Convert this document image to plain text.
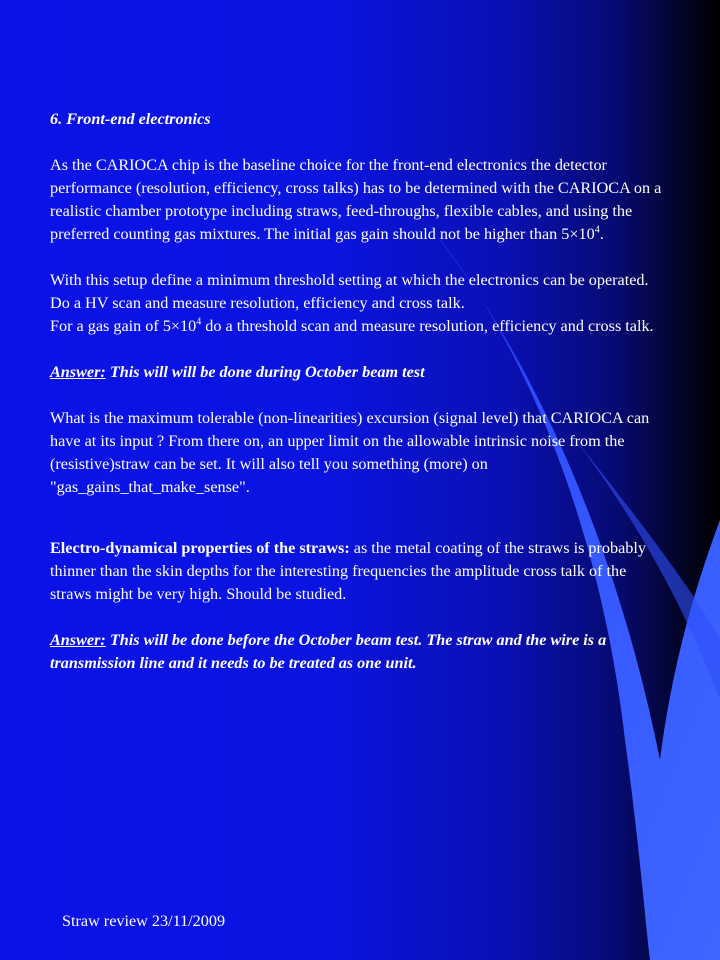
6. Front-end electronics

As the CARIOCA chip is the baseline choice for the front-end electronics the detector performance (resolution, efficiency, cross talks) has to be determined with the CARIOCA on a realistic chamber prototype including straws, feed-throughs, flexible cables, and using the preferred counting gas mixtures. The initial gas gain should not be higher than $5\times 10^4$.

With this setup define a minimum threshold setting at which the electronics can be operated.

Do a HV scan and measure resolution, efficiency and cross talk.

For a gas gain of $5\times 10^4$ do a threshold scan and measure resolution, efficiency and cross talk.

Answer: This will will be done during October beam test

What is the maximum tolerable (non-linearities) excursion (signal level) that CARIOCA can have at its input ? From there on, an upper limit on the allowable intrinsic noise from the (resistive)straw can be set. It will also tell you something (more) on "gas_gains_that_make_sense".

Electro-dynamical properties of the straws: as the metal coating of the straws is probably thinner than the skin depths for the interesting frequencies the amplitude cross talk of the straws might be very high. Should be studied.

Answer: This will be done before the October beam test. The straw and the wire is a transmission line and it needs to be treated as one unit.

Straw review 23/11/2009
